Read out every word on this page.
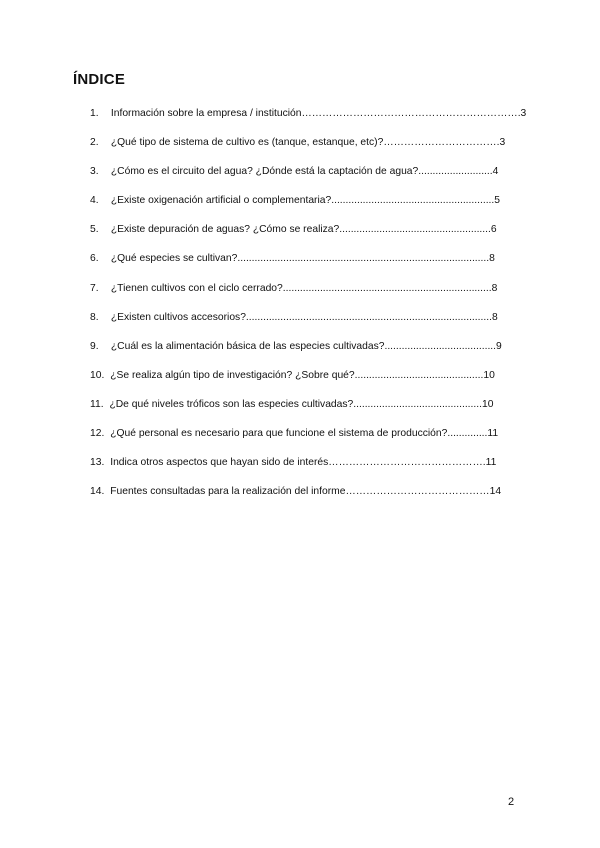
ÍNDICE
1. Información sobre la empresa / institución……………………………………………………….3
2. ¿Qué tipo de sistema de cultivo es (tanque, estanque, etc)?…………………………….3
3. ¿Cómo es el circuito del agua? ¿Dónde está la captación de agua?..........................4
4. ¿Existe oxigenación artificial o complementaria?.........................................................5
5. ¿Existe depuración de aguas? ¿Cómo se realiza?.....................................................6
6. ¿Qué especies se cultivan?........................................................................................8
7. ¿Tienen cultivos con el ciclo cerrado?.........................................................................8
8. ¿Existen cultivos accesorios?......................................................................................8
9. ¿Cuál es la alimentación básica de las especies cultivadas?.......................................9
10. ¿Se realiza algún tipo de investigación? ¿Sobre qué?.............................................10
11. ¿De qué niveles tróficos son las especies cultivadas?.............................................10
12. ¿Qué personal es necesario para que funcione el sistema de producción?..............11
13. Indica otros aspectos que hayan sido de interés……………………………………….11
14. Fuentes consultadas para la realización del informe……………………………………14
2
